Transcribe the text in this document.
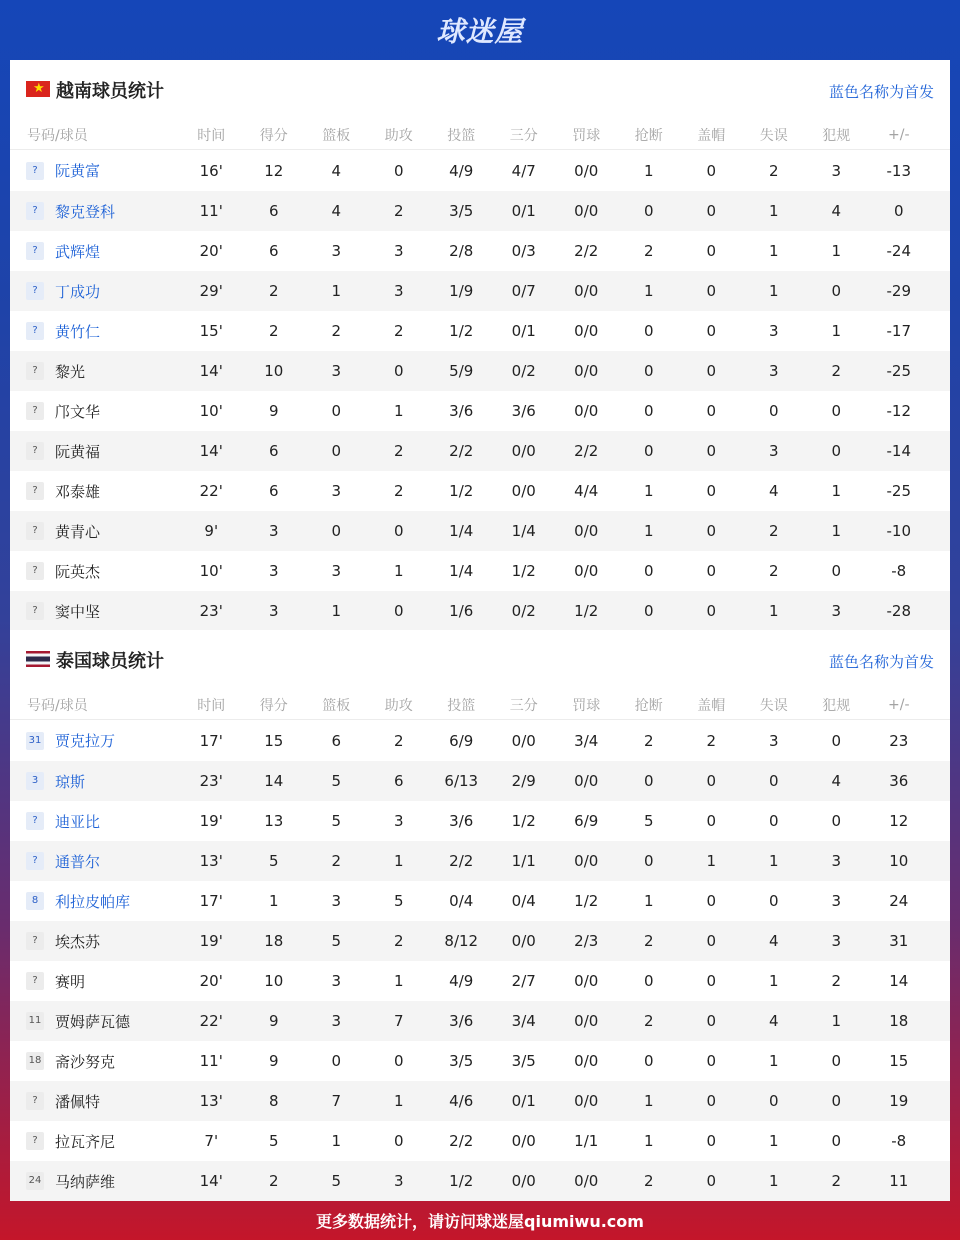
球迷屋
★ 越南球员统计	蓝色名称为首发
号码/球员	时间	得分	篮板	助攻	投篮	三分	罚球	抢断	盖帽	失误	犯规	+/-
?	阮黄富	16'	12	4	0	4/9	4/7	0/0	1	0	2	3	-13
?	黎克登科	11'	6	4	2	3/5	0/1	0/0	0	0	1	4	0
?	武辉煌	20'	6	3	3	2/8	0/3	2/2	2	0	1	1	-24
?	丁成功	29'	2	1	3	1/9	0/7	0/0	1	0	1	0	-29
?	黄竹仁	15'	2	2	2	1/2	0/1	0/0	0	0	3	1	-17
?	黎光	14'	10	3	0	5/9	0/2	0/0	0	0	3	2	-25
?	邝文华	10'	9	0	1	3/6	3/6	0/0	0	0	0	0	-12
?	阮黄福	14'	6	0	2	2/2	0/0	2/2	0	0	3	0	-14
?	邓泰雄	22'	6	3	2	1/2	0/0	4/4	1	0	4	1	-25
?	黄青心	9'	3	0	0	1/4	1/4	0/0	1	0	2	1	-10
?	阮英杰	10'	3	3	1	1/4	1/2	0/0	0	0	2	0	-8
?	窦中坚	23'	3	1	0	1/6	0/2	1/2	0	0	1	3	-28
泰国球员统计	蓝色名称为首发
号码/球员	时间	得分	篮板	助攻	投篮	三分	罚球	抢断	盖帽	失误	犯规	+/-
31 贾克拉万	17'	15	6	2	6/9	0/0	3/4	2	2	3	0	23
3	琼斯	23'	14	5	6	6/13	2/9	0/0	0	0	0	4	36
?	迪亚比	19'	13	5	3	3/6	1/2	6/9	5	0	0	0	12
?	通普尔	13'	5	2	1	2/2	1/1	0/0	0	1	1	3	10
8	利拉皮帕库	17'	1	3	5	0/4	0/4	1/2	1	0	0	3	24
?	埃杰苏	19'	18	5	2	8/12	0/0	2/3	2	0	4	3	31
?	赛明	20'	10	3	1	4/9	2/7	0/0	0	0	1	2	14
11 贾姆萨瓦德	22'	9	3	7	3/6	3/4	0/0	2	0	4	1	18
18 斋沙努克	11'	9	0	0	3/5	3/5	0/0	0	0	1	0	15
?	潘佩特	13'	8	7	1	4/6	0/1	0/0	1	0	0	0	19
?	拉瓦齐尼	7'	5	1	0	2/2	0/0	1/1	1	0	1	0	-8
24 马纳萨维	14'	2	5	3	1/2	0/0	0/0	2	0	1	2	11
更多数据统计，请访问球迷屋qiumiwu.com
